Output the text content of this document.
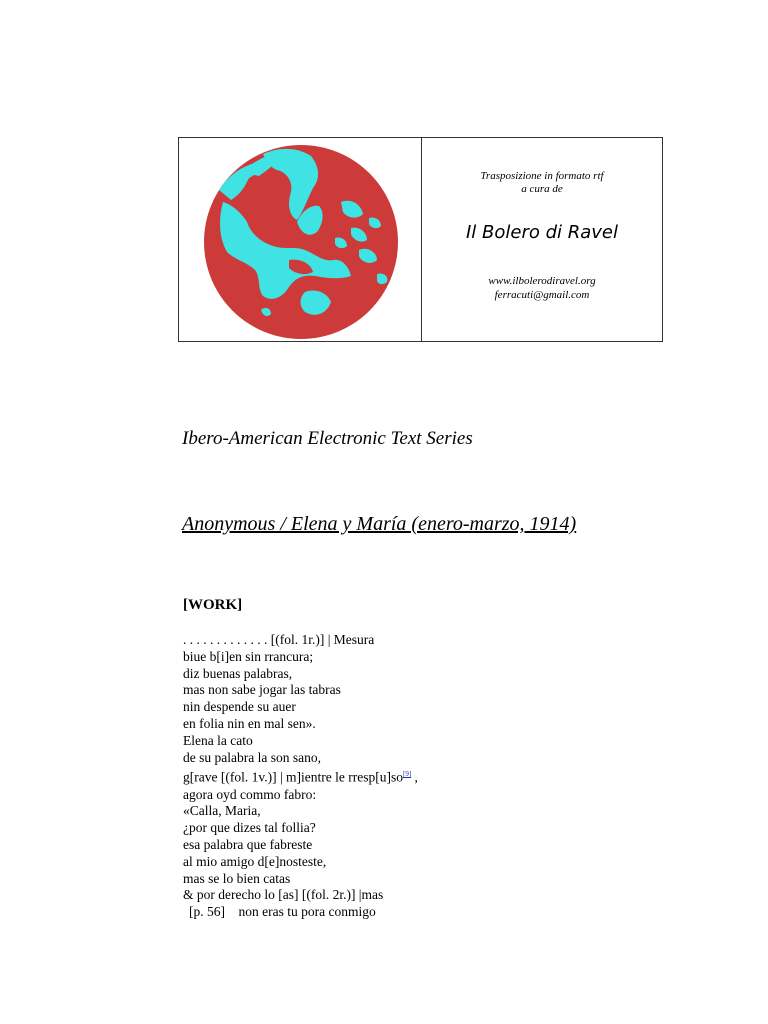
Trasposizione in formato rtf
a cura de
Il Bolero di Ravel
www.ilbolerodiravel.org
ferracuti@gmail.com
Ibero-American Electronic Text Series
Anonymous / Elena y María (enero-marzo, 1914)
[WORK]
. . . . . . . . . . . . . [(fol. 1r.)] | Mesura
biue b[i]en sin rrancura;
diz buenas palabras,
mas non sabe jogar las tabras
nin despende su auer
en folia nin en mal sen».
Elena la cato
de su palabra la son sano,
g[rave [(fol. 1v.)] | m]ientre le rresp[u]so[9] ,
agora oyd commo fabro:
«Calla, Maria,
¿por que dizes tal follia?
esa palabra que fabreste
al mio amigo d[e]nosteste,
mas se lo bien catas
& por derecho lo [as] [(fol. 2r.)] |mas
[p. 56]    non eras tu pora conmigo
